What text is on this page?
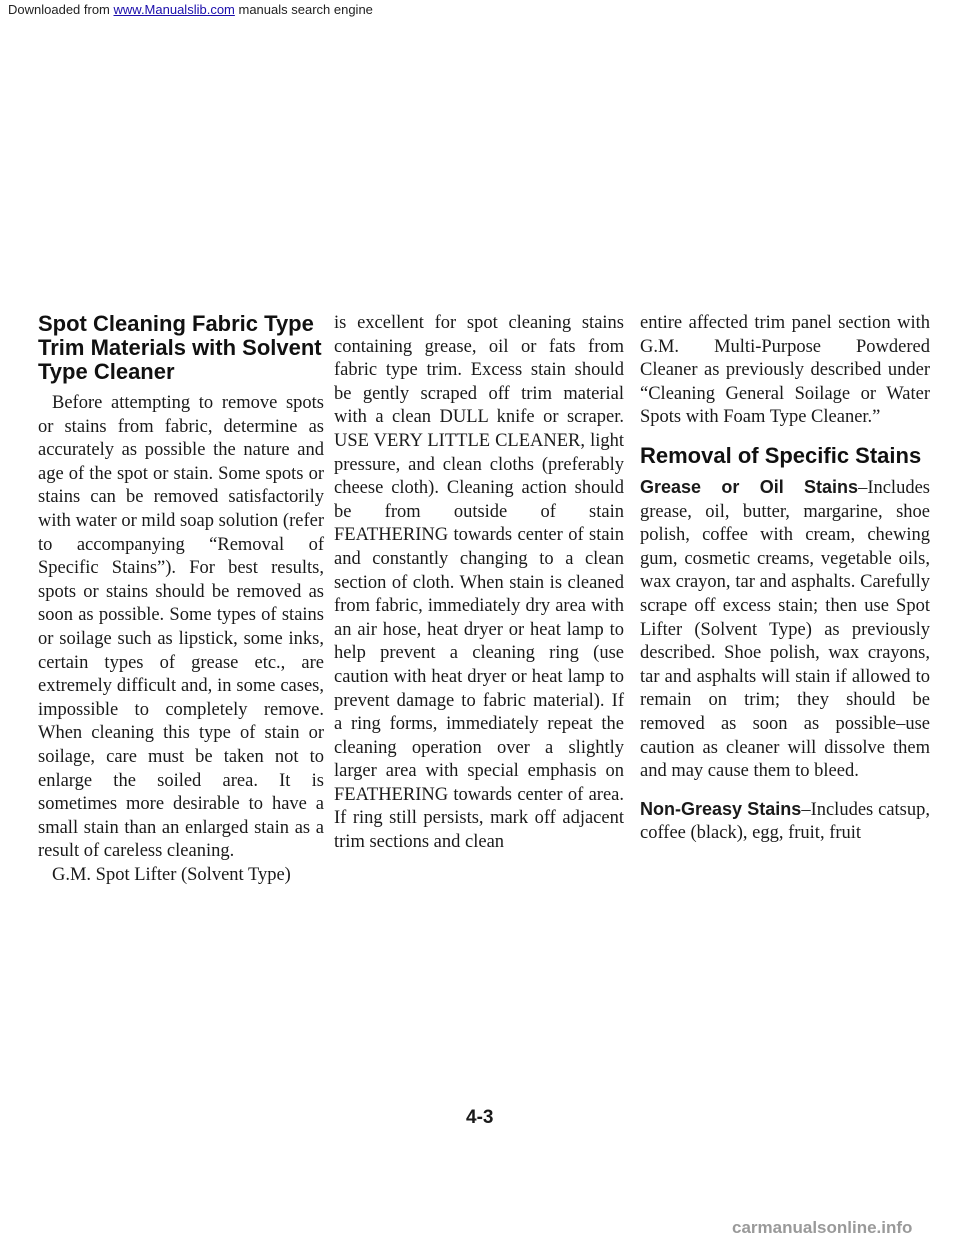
Downloaded from www.Manualslib.com manuals search engine
Spot Cleaning Fabric Type Trim Materials with Solvent Type Cleaner

Before attempting to remove spots or stains from fabric, determine as accurately as possible the nature and age of the spot or stain. Some spots or stains can be removed satisfactorily with water or mild soap solution (refer to accompanying “Removal of Specific Stains”). For best results, spots or stains should be removed as soon as possible. Some types of stains or soilage such as lipstick, some inks, certain types of grease etc., are extremely difficult and, in some cases, impossible to completely remove. When cleaning this type of stain or soilage, care must be taken not to enlarge the soiled area. It is sometimes more desirable to have a small stain than an enlarged stain as a result of careless cleaning.

G.M. Spot Lifter (Solvent Type)

is excellent for spot cleaning stains containing grease, oil or fats from fabric type trim. Excess stain should be gently scraped off trim material with a clean DULL knife or scraper. USE VERY LITTLE CLEANER, light pressure, and clean cloths (preferably cheese cloth). Cleaning action should be from outside of stain FEATHERING towards center of stain and constantly changing to a clean section of cloth. When stain is cleaned from fabric, immediately dry area with an air hose, heat dryer or heat lamp to help prevent a cleaning ring (use caution with heat dryer or heat lamp to prevent damage to fabric material). If a ring forms, immediately repeat the cleaning operation over a slightly larger area with special emphasis on FEATHERING towards center of area. If ring still persists, mark off adjacent trim sections and clean

entire affected trim panel section with G.M. Multi-Purpose Powdered Cleaner as previously described under “Cleaning General Soilage or Water Spots with Foam Type Cleaner.”

Removal of Specific Stains

Grease or Oil Stains–Includes grease, oil, butter, margarine, shoe polish, coffee with cream, chewing gum, cosmetic creams, vegetable oils, wax crayon, tar and asphalts. Carefully scrape off excess stain; then use Spot Lifter (Solvent Type) as previously described. Shoe polish, wax crayons, tar and asphalts will stain if allowed to remain on trim; they should be removed as soon as possible–use caution as cleaner will dissolve them and may cause them to bleed.

Non-Greasy Stains–Includes catsup, coffee (black), egg, fruit, fruit

4-3
carmanualsonline.info
